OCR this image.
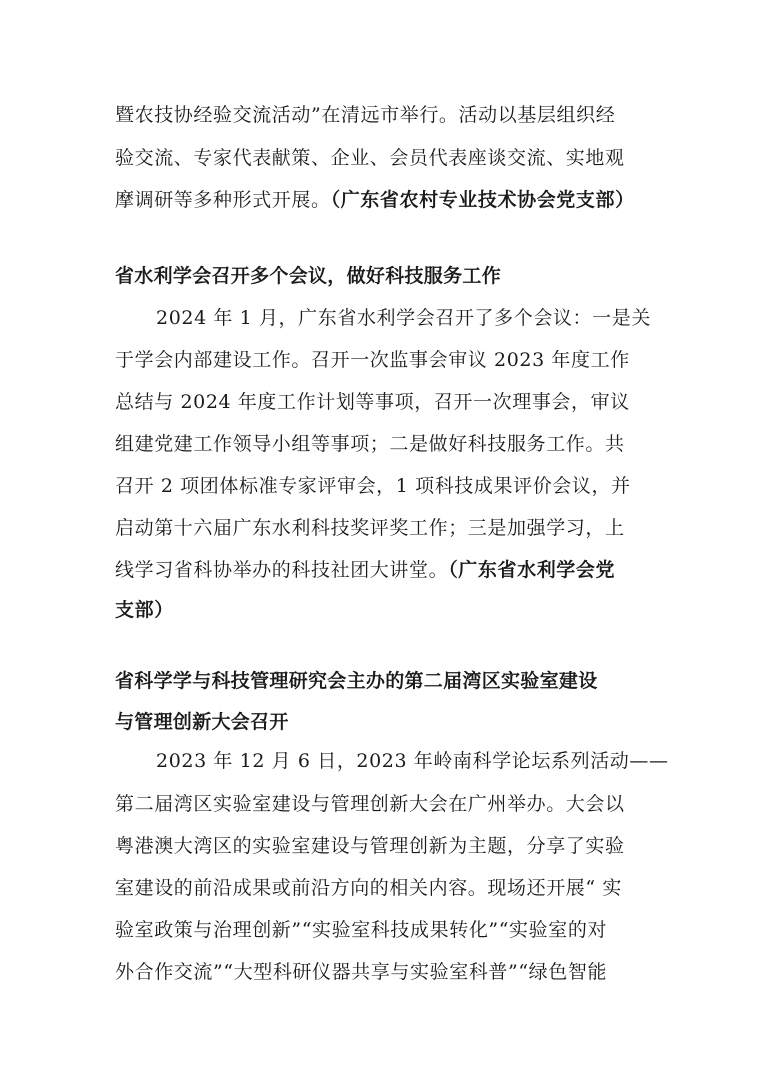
暨农技协经验交流活动”在清远市举行。活动以基层组织经
验交流、专家代表献策、企业、会员代表座谈交流、实地观
摩调研等多种形式开展。（广东省农村专业技术协会党支部）
省水利学会召开多个会议，做好科技服务工作
2024 年 1 月，广东省水利学会召开了多个会议：一是关
于学会内部建设工作。召开一次监事会审议 2023 年度工作
总结与 2024 年度工作计划等事项，召开一次理事会，审议
组建党建工作领导小组等事项；二是做好科技服务工作。共
召开 2 项团体标准专家评审会，1 项科技成果评价会议，并
启动第十六届广东水利科技奖评奖工作；三是加强学习，上
线学习省科协举办的科技社团大讲堂。（广东省水利学会党
支部）
省科学学与科技管理研究会主办的第二届湾区实验室建设
与管理创新大会召开
2023 年 12 月 6 日，2023 年岭南科学论坛系列活动——
第二届湾区实验室建设与管理创新大会在广州举办。大会以
粤港澳大湾区的实验室建设与管理创新为主题，分享了实验
室建设的前沿成果或前沿方向的相关内容。现场还开展“ 实
验室政策与治理创新”“实验室科技成果转化”“实验室的对
外合作交流”“大型科研仪器共享与实验室科普”“绿色智能
